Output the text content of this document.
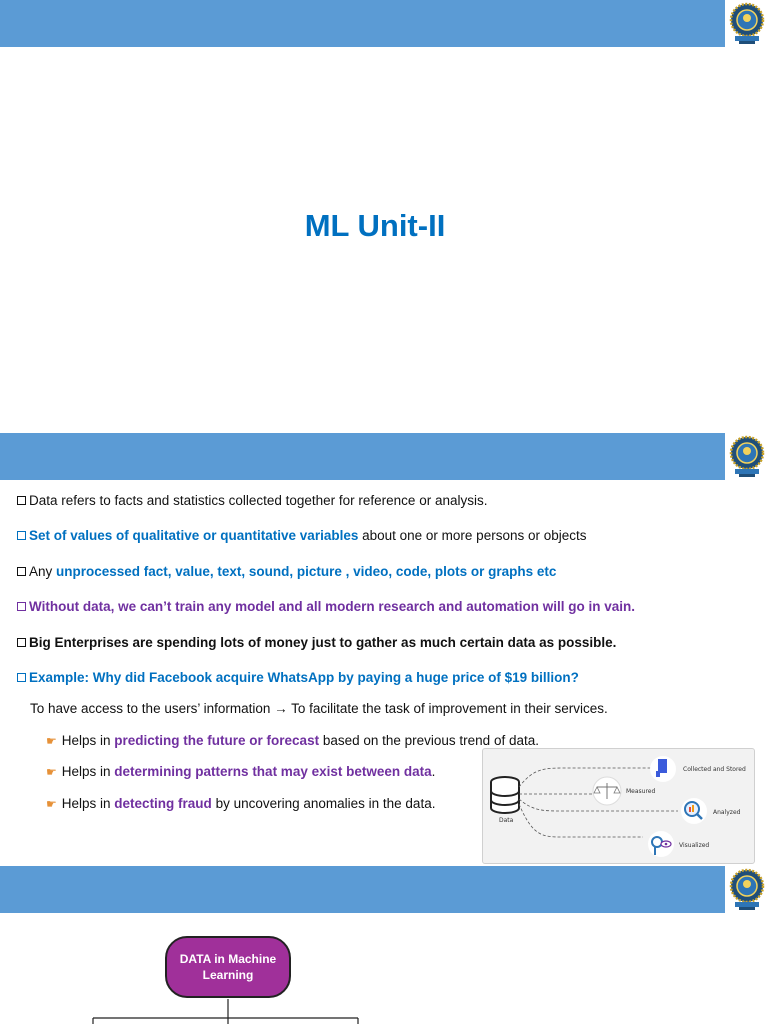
ML Unit-II
Data refers to facts and statistics collected together for reference or analysis.
Set of values of qualitative or quantitative variables about one or more persons or objects
Any unprocessed fact, value, text, sound, picture , video, code, plots or graphs etc
Without data, we can’t train any model and all modern research and automation will go in vain.
Big Enterprises are spending lots of money just to gather as much certain data as possible.
Example: Why did Facebook acquire WhatsApp by paying a huge price of $19 billion?
To have access to the users’ information → To facilitate the task of improvement in their services.
☛ Helps in predicting the future or forecast based on the previous trend of data.
☛ Helps in determining patterns that may exist between data.
☛ Helps in detecting fraud by uncovering anomalies in the data.
Data
Collected and Stored
Measured
Analyzed
Visualized
DATA in Machine
Learning
